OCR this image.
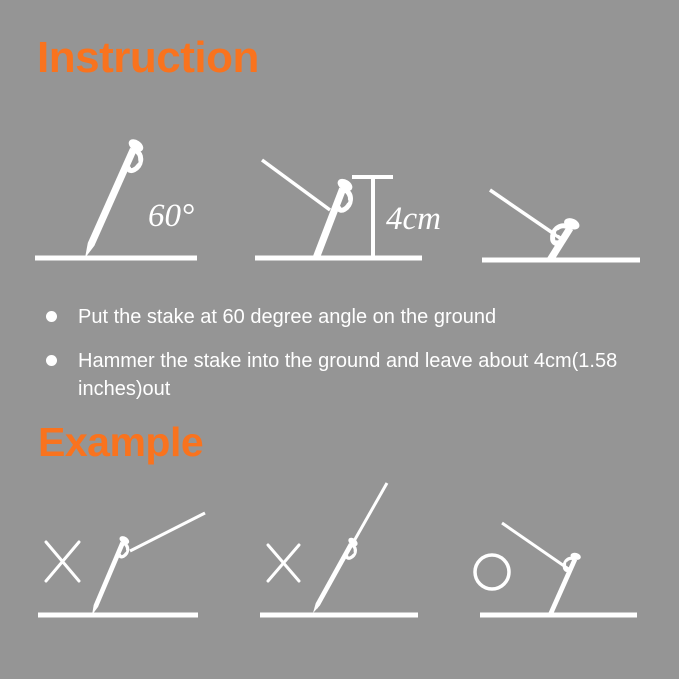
Instruction
60°	4cm
Put the stake at 60 degree angle on the ground
Hammer the stake into the ground and leave about 4cm(1.58 inches)out
Example
